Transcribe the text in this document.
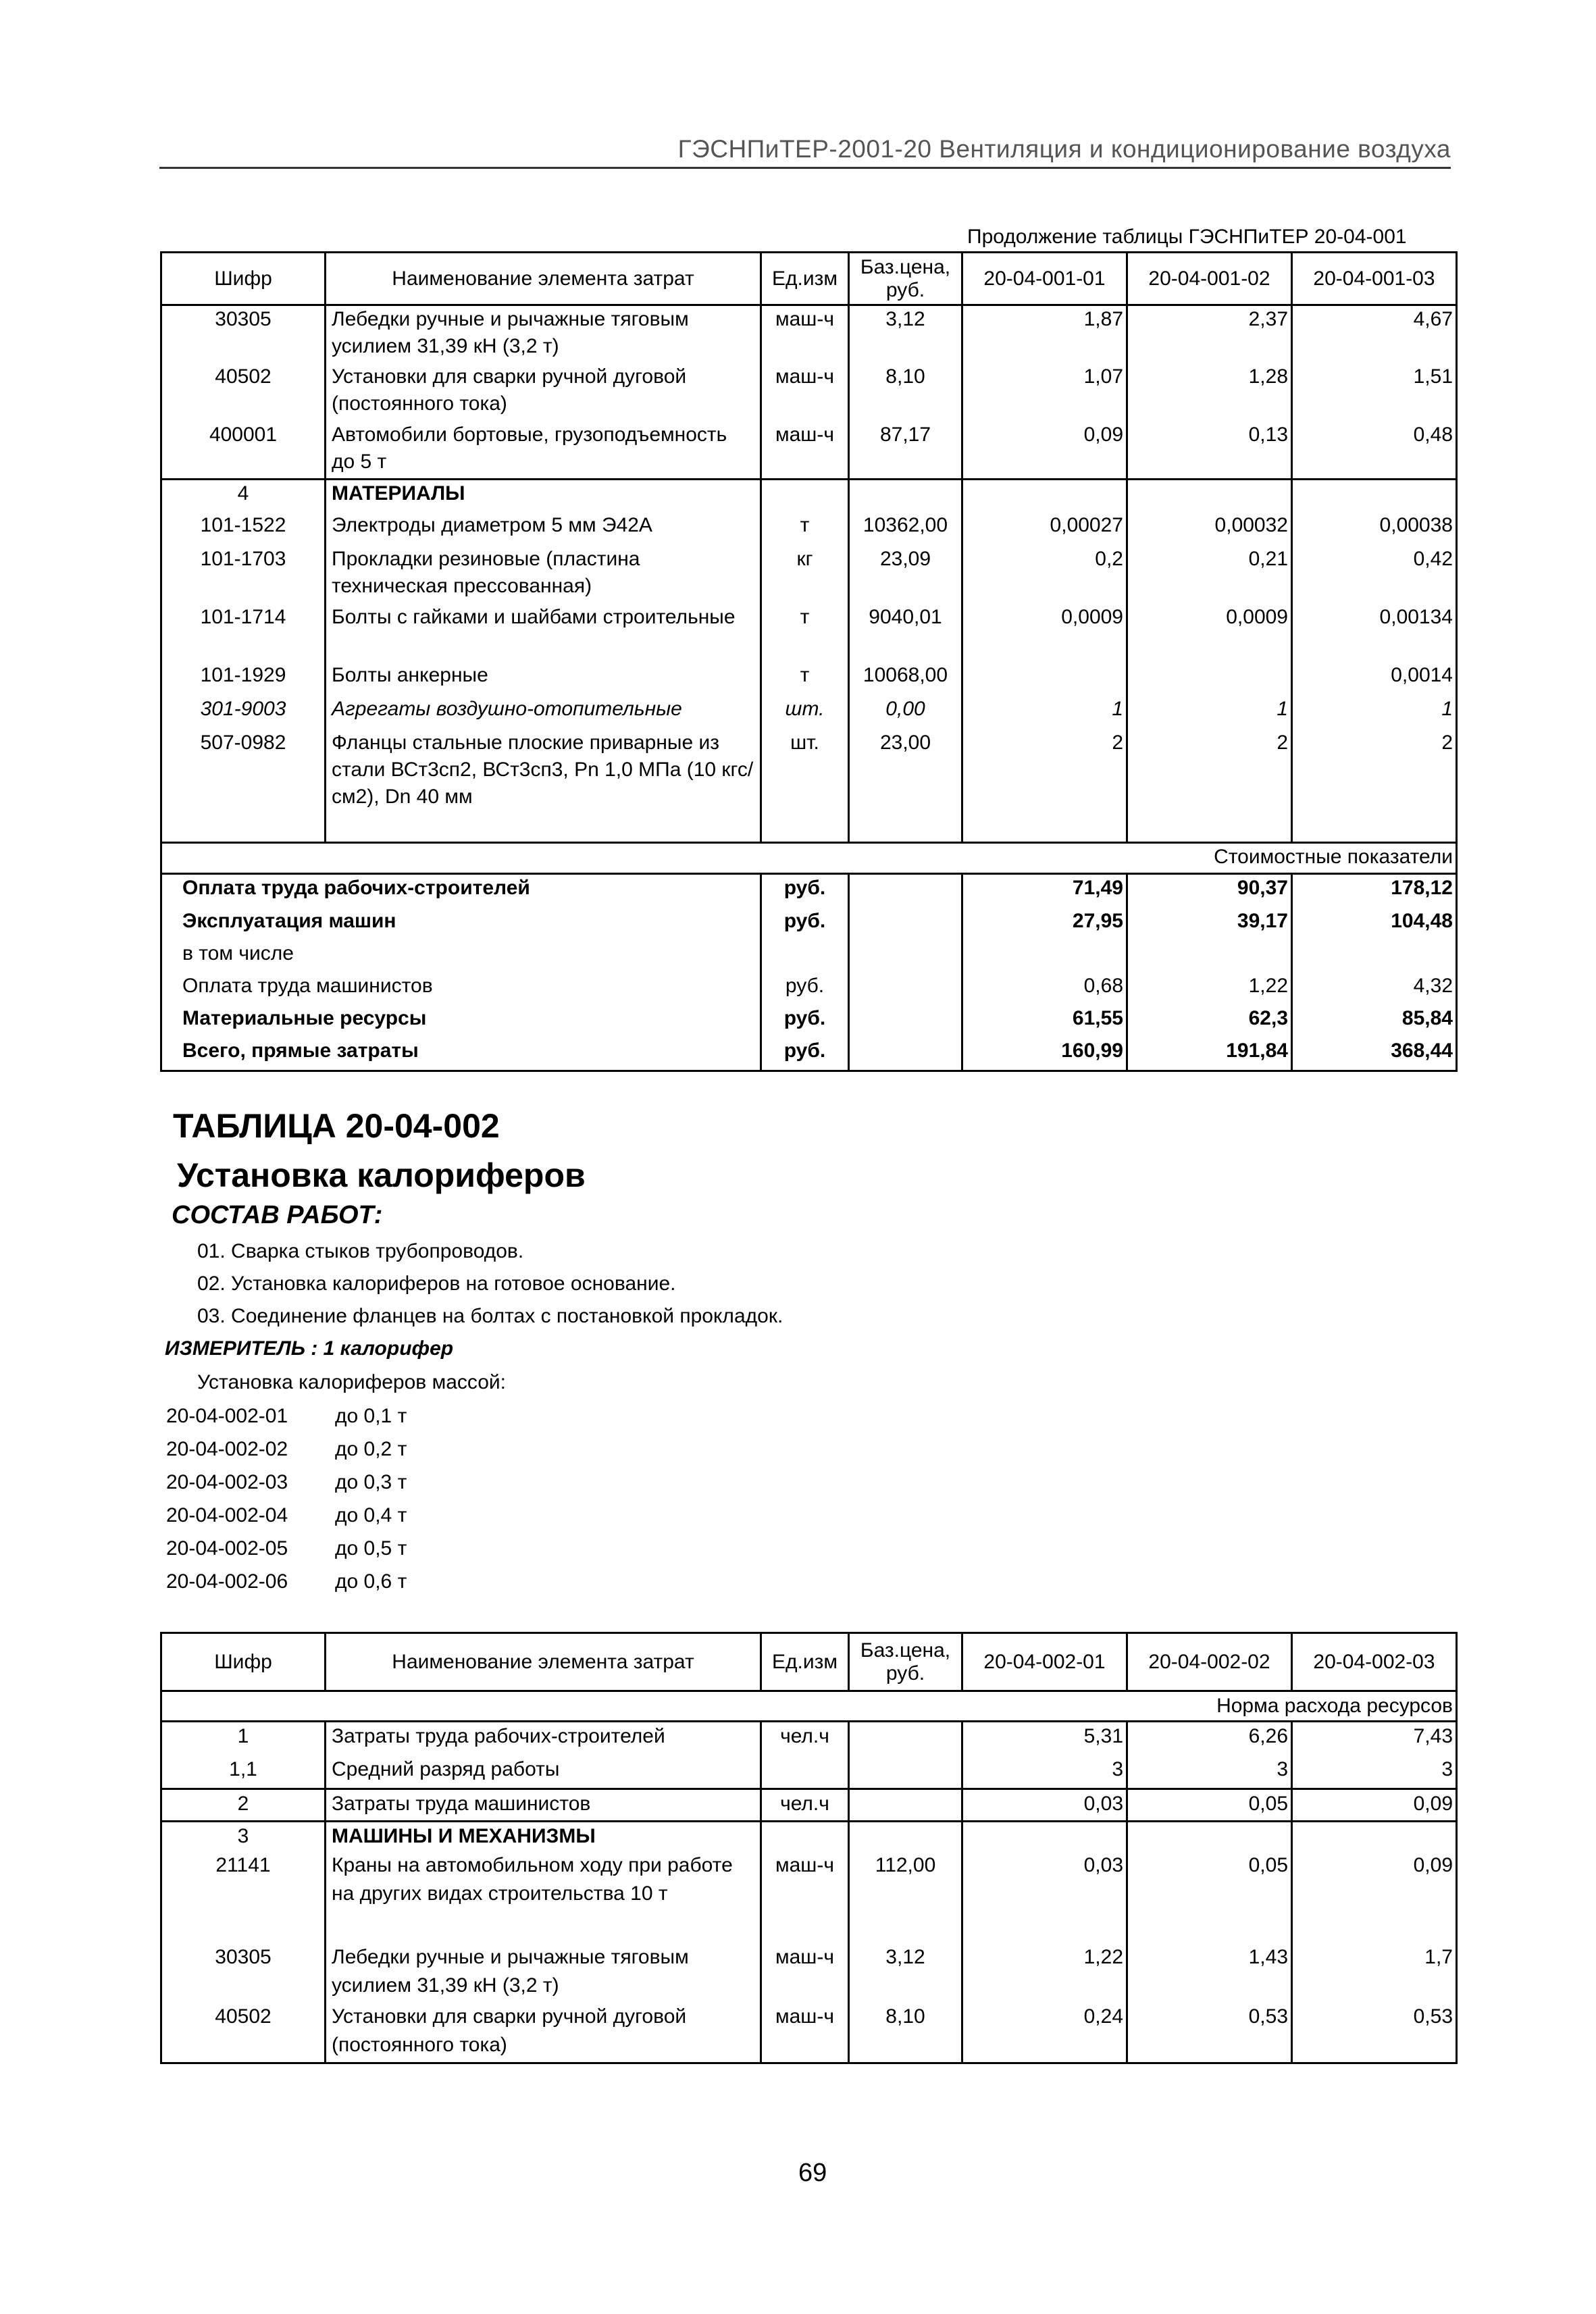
ГЭСНПиТЕР-2001-20 Вентиляция и кондиционирование воздуха
Продолжение таблицы ГЭСНПиТЕР 20-04-001
Шифр	Наименование элемента затрат	Ед.изм	Баз.цена, руб.	20-04-001-01	20-04-001-02	20-04-001-03
30305	Лебедки ручные и рычажные тяговым усилием 31,39 кН (3,2 т)	маш-ч	3,12	1,87	2,37	4,67
40502	Установки для сварки ручной дуговой (постоянного тока)	маш-ч	8,10	1,07	1,28	1,51
400001	Автомобили бортовые, грузоподъемность до 5 т	маш-ч	87,17	0,09	0,13	0,48
4	МАТЕРИАЛЫ					
101-1522	Электроды диаметром 5 мм Э42А	т	10362,00	0,00027	0,00032	0,00038
101-1703	Прокладки резиновые (пластина техническая прессованная)	кг	23,09	0,2	0,21	0,42
101-1714	Болты с гайками и шайбами строительные	т	9040,01	0,0009	0,0009	0,00134
101-1929	Болты анкерные	т	10068,00			0,0014
301-9003	Агрегаты воздушно-отопительные	шт.	0,00	1	1	1
507-0982	Фланцы стальные плоские приварные из стали ВСт3сп2, ВСт3сп3, Pn 1,0 МПа (10 кгс/см2), Dn 40 мм	шт.	23,00	2	2	2
Стоимостные показатели						
Оплата труда рабочих-строителей		руб.		71,49	90,37	178,12
Эксплуатация машин		руб.		27,95	39,17	104,48
в том числе						
Оплата труда машинистов		руб.		0,68	1,22	4,32
Материальные ресурсы		руб.		61,55	62,3	85,84
Всего, прямые затраты		руб.		160,99	191,84	368,44
ТАБЛИЦА 20-04-002
Установка калориферов
СОСТАВ РАБОТ:
01. Сварка стыков трубопроводов.
02. Установка калориферов на готовое основание.
03. Соединение фланцев на болтах с постановкой прокладок.
ИЗМЕРИТЕЛЬ : 1 калорифер
Установка калориферов массой:
20-04-002-01 до 0,1 т
20-04-002-02 до 0,2 т
20-04-002-03 до 0,3 т
20-04-002-04 до 0,4 т
20-04-002-05 до 0,5 т
20-04-002-06 до 0,6 т
Шифр	Наименование элемента затрат	Ед.изм	Баз.цена, руб.	20-04-002-01	20-04-002-02	20-04-002-03
Норма расхода ресурсов						
1	Затраты труда рабочих-строителей	чел.ч		5,31	6,26	7,43
1,1	Средний разряд работы			3	3	3
2	Затраты труда машинистов	чел.ч		0,03	0,05	0,09
3	МАШИНЫ И МЕХАНИЗМЫ					
21141	Краны на автомобильном ходу при работе на других видах строительства 10 т	маш-ч	112,00	0,03	0,05	0,09
30305	Лебедки ручные и рычажные тяговым усилием 31,39 кН (3,2 т)	маш-ч	3,12	1,22	1,43	1,7
40502	Установки для сварки ручной дуговой (постоянного тока)	маш-ч	8,10	0,24	0,53	0,53
69
